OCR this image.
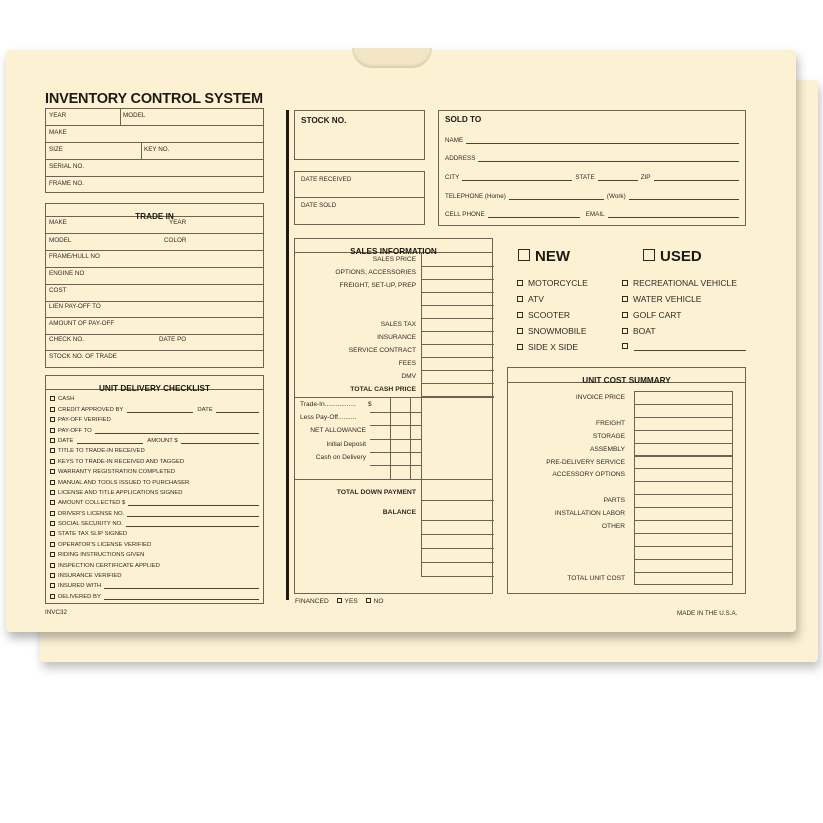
INVENTORY CONTROL SYSTEM
YEAR	MODEL
MAKE
SIZE	KEY NO.
SERIAL NO.
FRAME NO.
TRADE IN
MAKE	YEAR
MODEL	COLOR
FRAME/HULL NO
ENGINE NO
COST
LIEN PAY-OFF TO
AMOUNT OF PAY-OFF
CHECK NO.	DATE PO
STOCK NO. OF TRADE
UNIT DELIVERY CHECKLIST
CASH
CREDIT APPROVED BY	DATE
PAY-OFF VERIFIED
PAY-OFF TO
DATE	AMOUNT $
TITLE TO TRADE-IN RECEIVED
KEYS TO TRADE-IN RECEIVED AND TAGGED
WARRANTY REGISTRATION COMPLETED
MANUAL AND TOOLS ISSUED TO PURCHASER
LICENSE AND TITLE APPLICATIONS SIGNED
AMOUNT COLLECTED $
DRIVER'S LICENSE NO.
SOCIAL SECURITY NO.
STATE TAX SLIP SIGNED
OPERATOR'S LICENSE VERIFIED
RIDING INSTRUCTIONS GIVEN
INSPECTION CERTIFICATE APPLIED
INSURANCE VERIFIED
INSURED WITH
DELIVERED BY
INVC32
STOCK NO.
DATE RECEIVED
DATE SOLD
SOLD TO
NAME
ADDRESS
CITY	STATE	ZIP
TELEPHONE (Home)	(Work)
CELL PHONE	EMAIL
SALES INFORMATION
SALES PRICE
OPTIONS, ACCESSORIES
FREIGHT, SET-UP, PREP
SALES TAX
INSURANCE
SERVICE CONTRACT
FEES
DMV
TOTAL CASH PRICE
Trade-In.................
Less Pay-Off..........
NET ALLOWANCE
Initial Deposit
Cash on Delivery
$
TOTAL DOWN PAYMENT
BALANCE
FINANCED YES NO
NEW	USED
MOTORCYCLE
ATV
SCOOTER
SNOWMOBILE
SIDE X SIDE
RECREATIONAL VEHICLE
WATER VEHICLE
GOLF CART
BOAT
UNIT COST SUMMARY
INVOICE PRICE
FREIGHT
STORAGE
ASSEMBLY
PRE-DELIVERY SERVICE
ACCESSORY OPTIONS
PARTS
INSTALLATION LABOR
OTHER
TOTAL UNIT COST
MADE IN THE U.S.A.
